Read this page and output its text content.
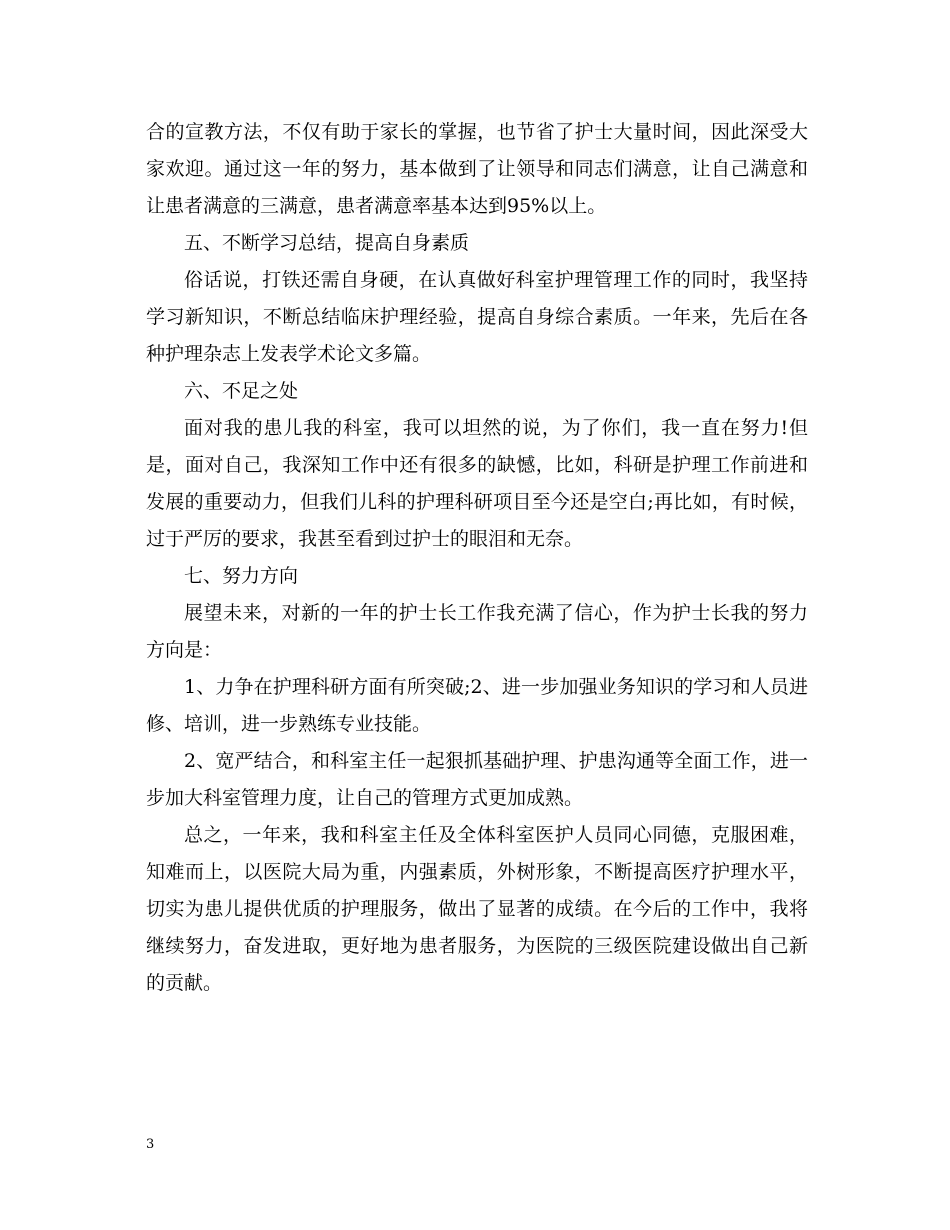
合的宣教方法，不仅有助于家长的掌握，也节省了护士大量时间，因此深受大家欢迎。通过这一年的努力，基本做到了让领导和同志们满意，让自己满意和让患者满意的三满意，患者满意率基本达到95%以上。

五、不断学习总结，提高自身素质

俗话说，打铁还需自身硬，在认真做好科室护理管理工作的同时，我坚持学习新知识，不断总结临床护理经验，提高自身综合素质。一年来，先后在各种护理杂志上发表学术论文多篇。

六、不足之处

面对我的患儿我的科室，我可以坦然的说，为了你们，我一直在努力!但是，面对自己，我深知工作中还有很多的缺憾，比如，科研是护理工作前进和发展的重要动力，但我们儿科的护理科研项目至今还是空白;再比如，有时候，过于严厉的要求，我甚至看到过护士的眼泪和无奈。

七、努力方向

展望未来，对新的一年的护士长工作我充满了信心，作为护士长我的努力方向是：

1、力争在护理科研方面有所突破;2、进一步加强业务知识的学习和人员进修、培训，进一步熟练专业技能。

2、宽严结合，和科室主任一起狠抓基础护理、护患沟通等全面工作，进一步加大科室管理力度，让自己的管理方式更加成熟。

总之，一年来，我和科室主任及全体科室医护人员同心同德，克服困难，知难而上，以医院大局为重，内强素质，外树形象，不断提高医疗护理水平，切实为患儿提供优质的护理服务，做出了显著的成绩。在今后的工作中，我将继续努力，奋发进取，更好地为患者服务，为医院的三级医院建设做出自己新的贡献。

3
